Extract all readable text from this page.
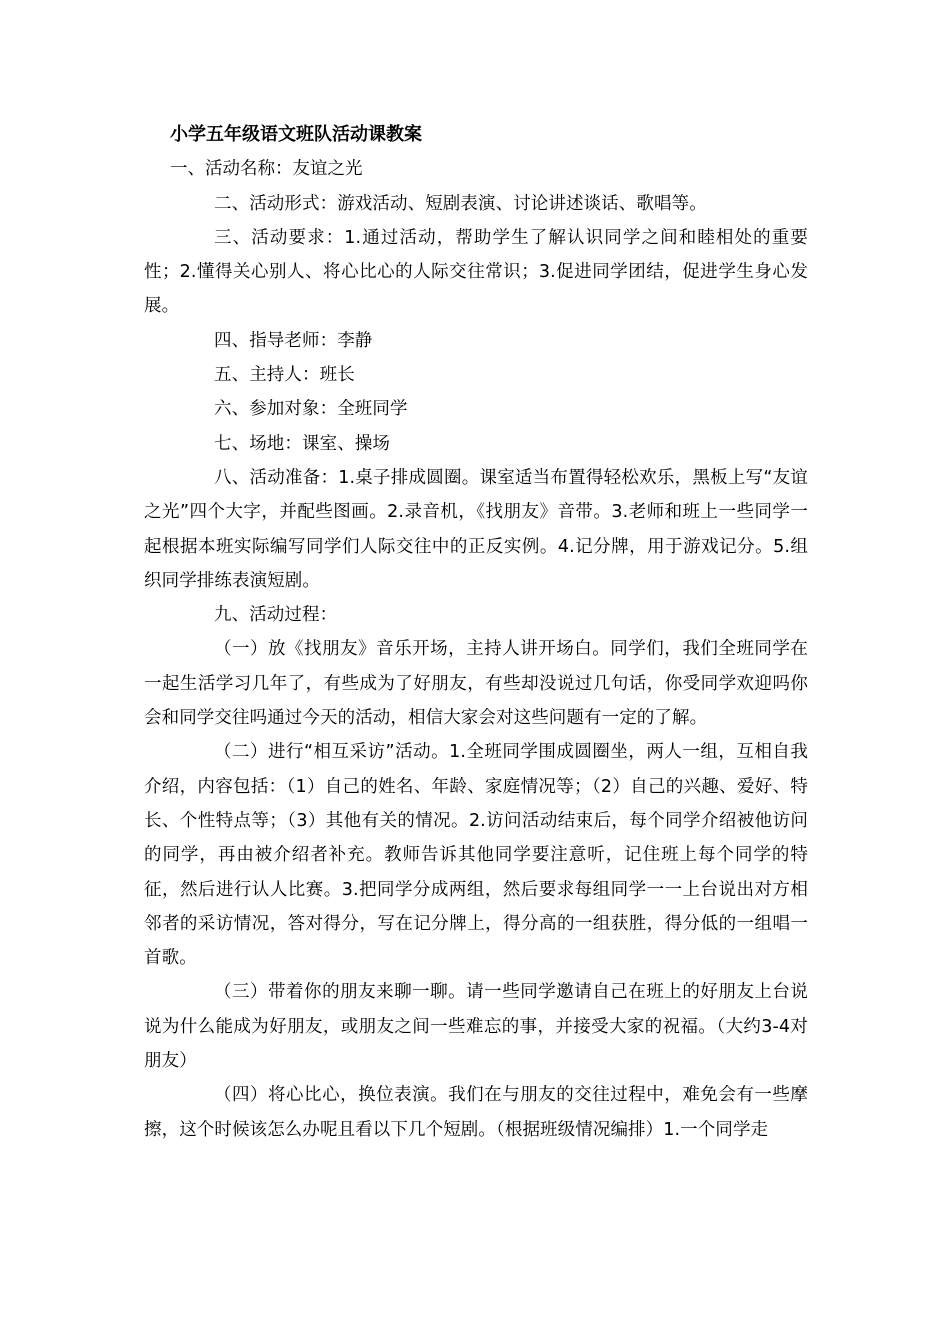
小学五年级语文班队活动课教案
一、活动名称：友谊之光

二、活动形式：游戏活动、短剧表演、讨论讲述谈话、歌唱等。

三、活动要求：1.通过活动，帮助学生了解认识同学之间和睦相处的重要性；2.懂得关心别人、将心比心的人际交往常识；3.促进同学团结，促进学生身心发展。

四、指导老师：李静

五、主持人：班长

六、参加对象：全班同学

七、场地：课室、操场

八、活动准备：1.桌子排成圆圈。课室适当布置得轻松欢乐，黑板上写“友谊之光”四个大字，并配些图画。2.录音机，《找朋友》音带。3.老师和班上一些同学一起根据本班实际编写同学们人际交往中的正反实例。4.记分牌，用于游戏记分。5.组织同学排练表演短剧。

九、活动过程：

（一）放《找朋友》音乐开场，主持人讲开场白。同学们，我们全班同学在一起生活学习几年了，有些成为了好朋友，有些却没说过几句话，你受同学欢迎吗你会和同学交往吗通过今天的活动，相信大家会对这些问题有一定的了解。

（二）进行“相互采访”活动。1.全班同学围成圆圈坐，两人一组，互相自我介绍，内容包括：（1）自己的姓名、年龄、家庭情况等；（2）自己的兴趣、爱好、特长、个性特点等；（3）其他有关的情况。2.访问活动结束后，每个同学介绍被他访问的同学，再由被介绍者补充。教师告诉其他同学要注意听，记住班上每个同学的特征，然后进行认人比赛。3.把同学分成两组，然后要求每组同学一一上台说出对方相邻者的采访情况，答对得分，写在记分牌上，得分高的一组获胜，得分低的一组唱一首歌。

（三）带着你的朋友来聊一聊。请一些同学邀请自己在班上的好朋友上台说说为什么能成为好朋友，或朋友之间一些难忘的事，并接受大家的祝福。（大约3-4对朋友）

（四）将心比心，换位表演。我们在与朋友的交往过程中，难免会有一些摩擦，这个时候该怎么办呢且看以下几个短剧。（根据班级情况编排）1.一个同学走
